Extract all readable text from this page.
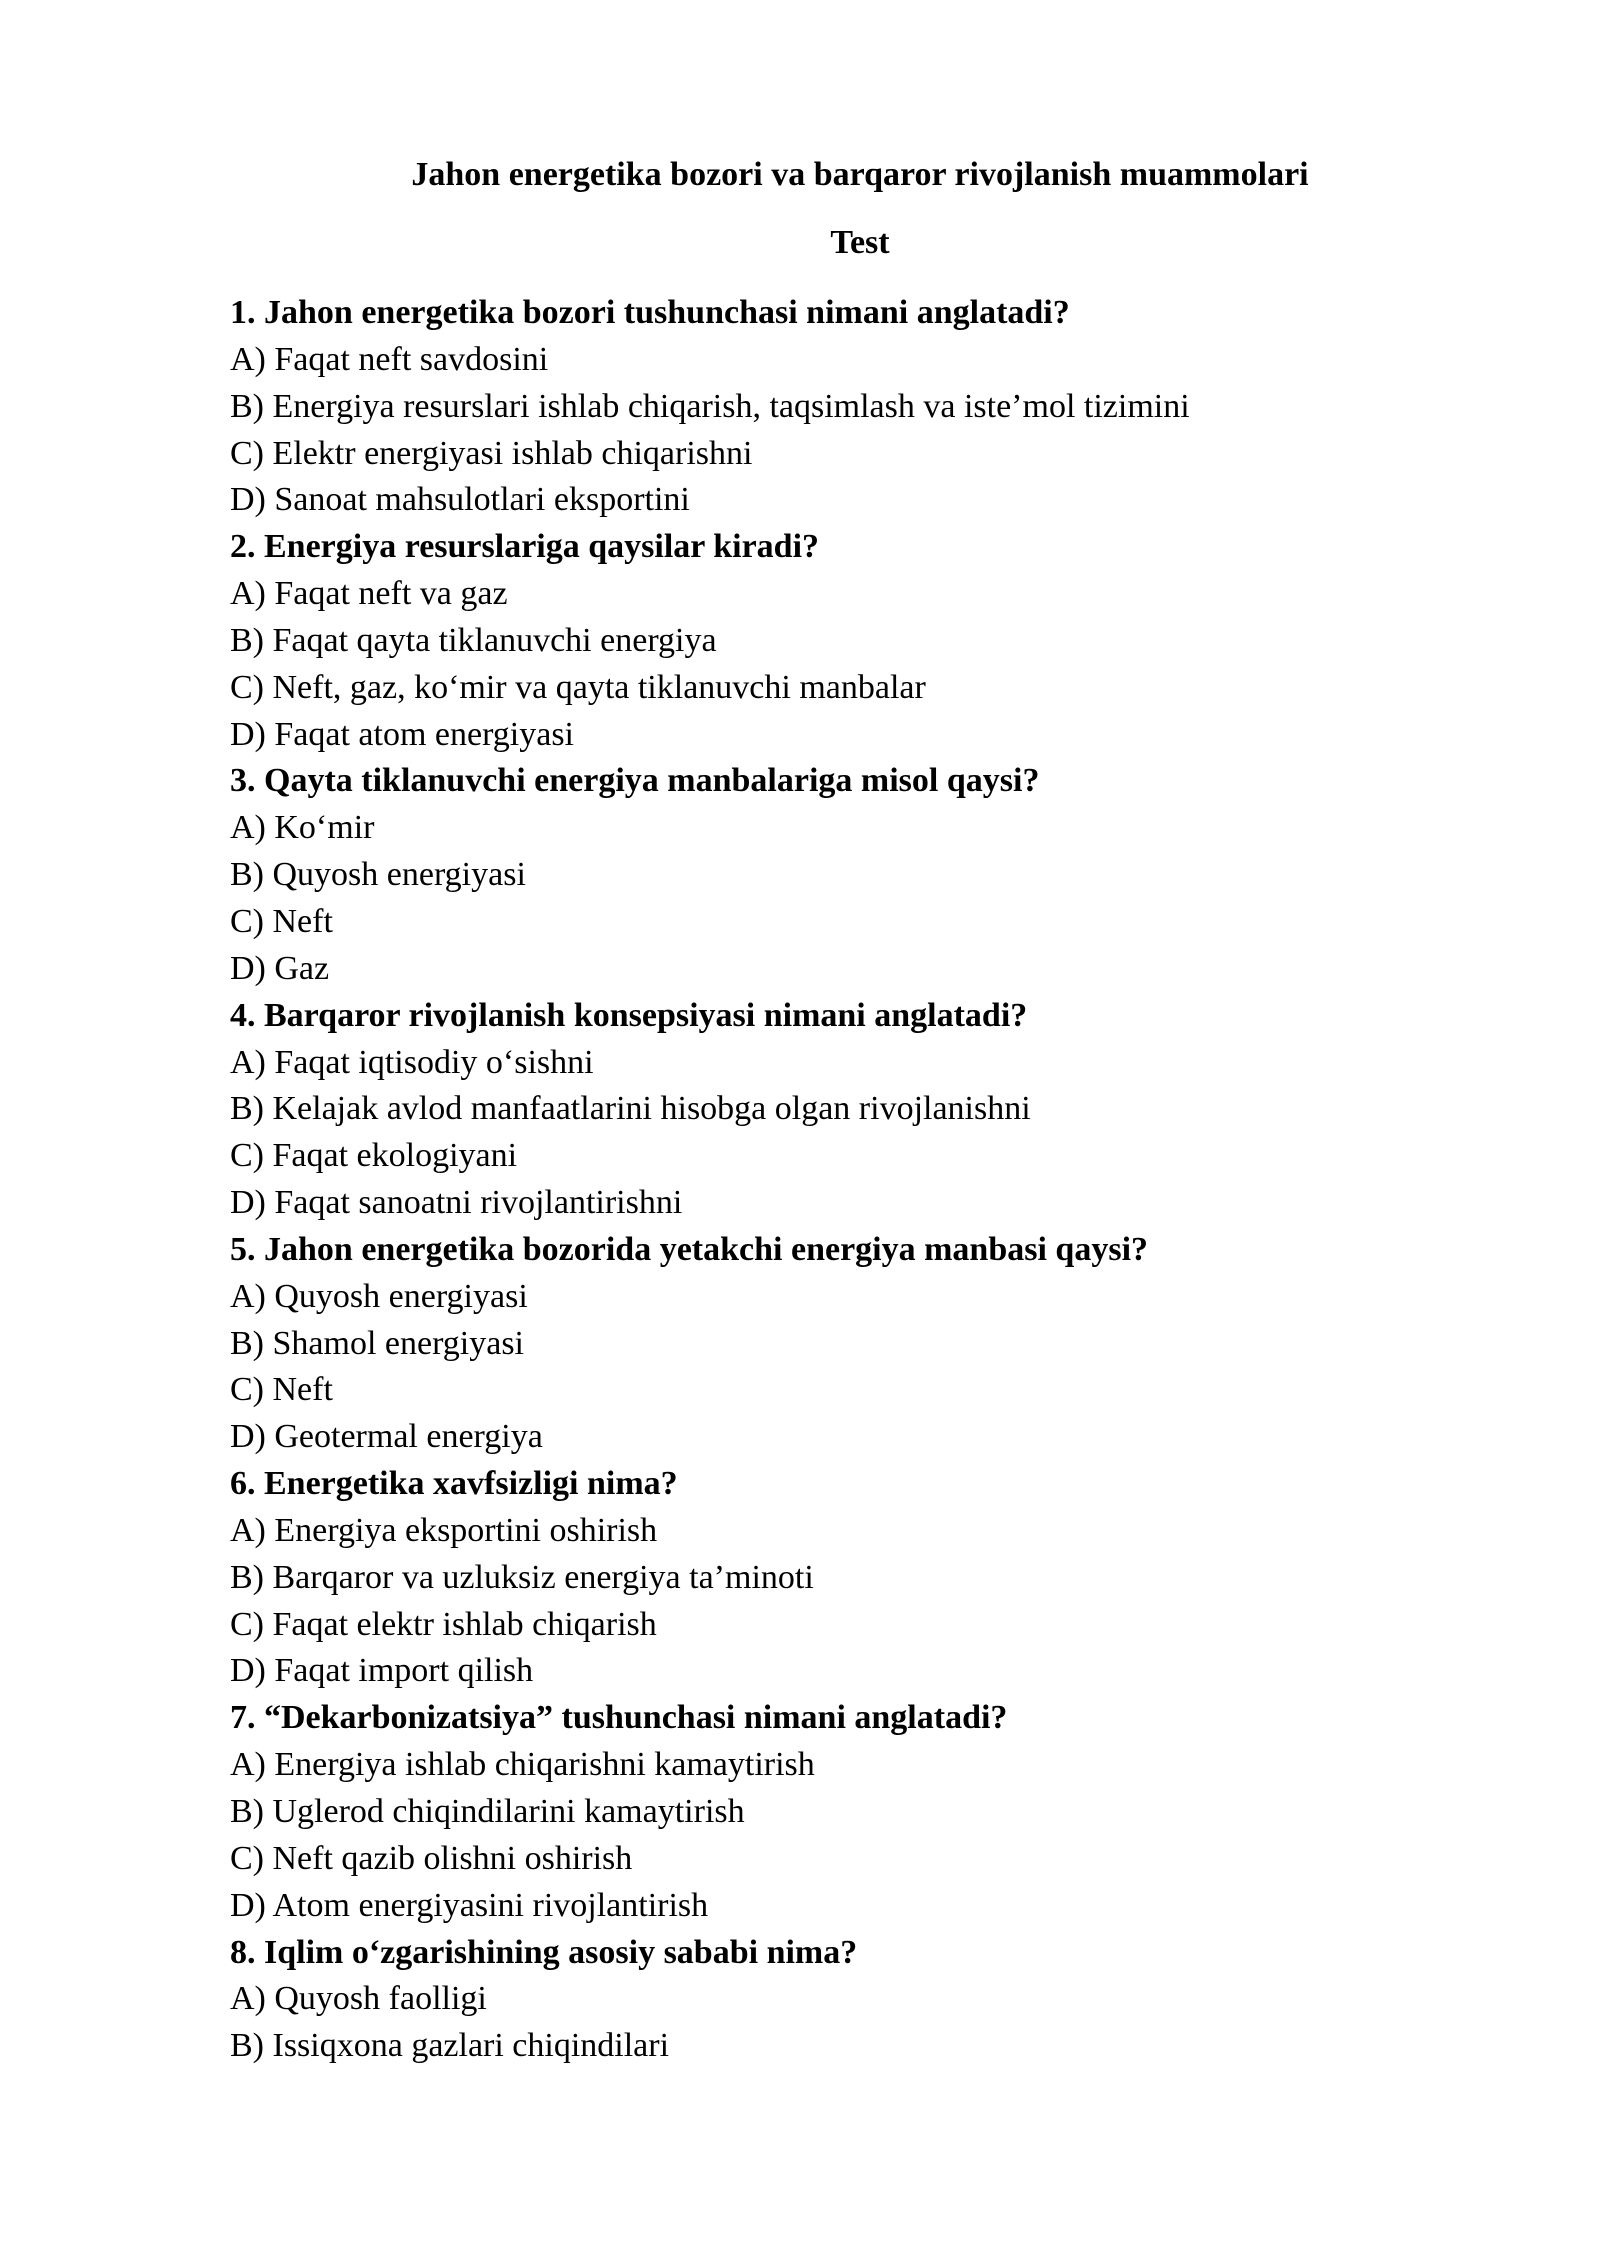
Jahon energetika bozori va barqaror rivojlanish muammolari
Test
1. Jahon energetika bozori tushunchasi nimani anglatadi?
A) Faqat neft savdosini
B) Energiya resurslari ishlab chiqarish, taqsimlash va iste’mol tizimini
C) Elektr energiyasi ishlab chiqarishni
D) Sanoat mahsulotlari eksportini
2. Energiya resurslariga qaysilar kiradi?
A) Faqat neft va gaz
B) Faqat qayta tiklanuvchi energiya
C) Neft, gaz, ko‘mir va qayta tiklanuvchi manbalar
D) Faqat atom energiyasi
3. Qayta tiklanuvchi energiya manbalariga misol qaysi?
A) Ko‘mir
B) Quyosh energiyasi
C) Neft
D) Gaz
4. Barqaror rivojlanish konsepsiyasi nimani anglatadi?
A) Faqat iqtisodiy o‘sishni
B) Kelajak avlod manfaatlarini hisobga olgan rivojlanishni
C) Faqat ekologiyani
D) Faqat sanoatni rivojlantirishni
5. Jahon energetika bozorida yetakchi energiya manbasi qaysi?
A) Quyosh energiyasi
B) Shamol energiyasi
C) Neft
D) Geotermal energiya
6. Energetika xavfsizligi nima?
A) Energiya eksportini oshirish
B) Barqaror va uzluksiz energiya ta’minoti
C) Faqat elektr ishlab chiqarish
D) Faqat import qilish
7. “Dekarbonizatsiya” tushunchasi nimani anglatadi?
A) Energiya ishlab chiqarishni kamaytirish
B) Uglerod chiqindilarini kamaytirish
C) Neft qazib olishni oshirish
D) Atom energiyasini rivojlantirish
8. Iqlim o‘zgarishining asosiy sababi nima?
A) Quyosh faolligi
B) Issiqxona gazlari chiqindilari
